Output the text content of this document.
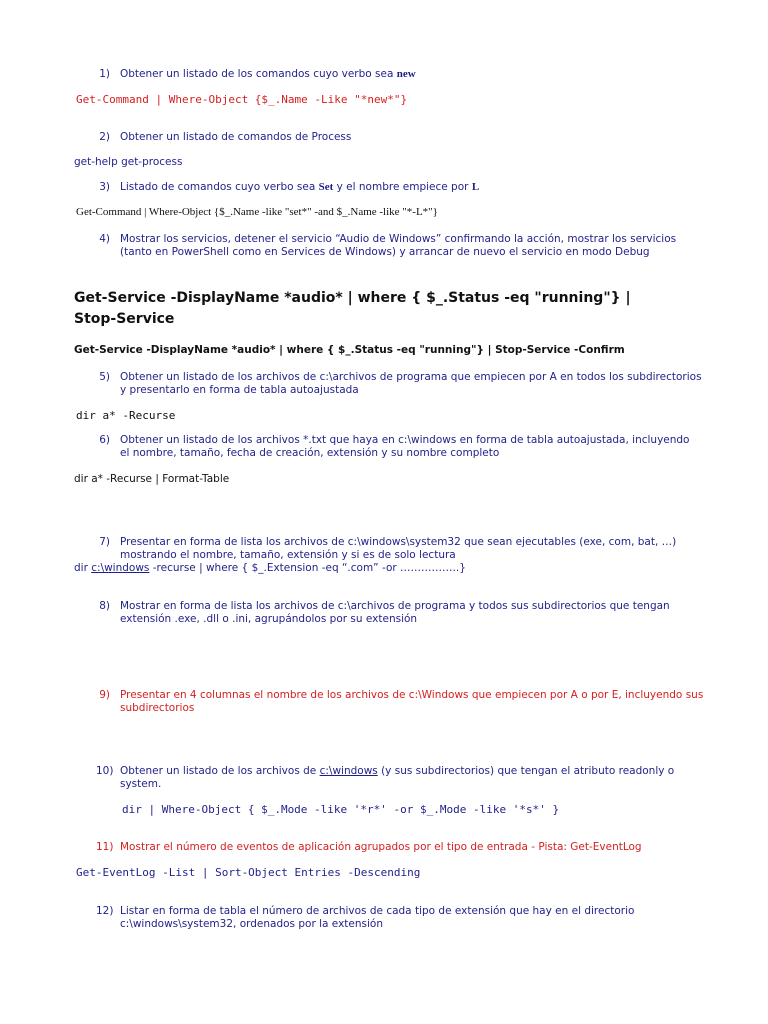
1) Obtener un listado de los comandos cuyo verbo sea new
Get-Command | Where-Object {$_.Name -Like "*new*"}
2) Obtener un listado de comandos de Process
get-help get-process
3) Listado de comandos cuyo verbo sea Set y el nombre empiece por L
Get-Command | Where-Object {$_.Name -like "set*" -and $_.Name -like "*-L*"}
4) Mostrar los servicios, detener el servicio “Audio de Windows” confirmando la acción, mostrar los servicios
(tanto en PowerShell como en Services de Windows) y arrancar de nuevo el servicio en modo Debug
Get-Service -DisplayName *audio* | where { $_.Status -eq "running"} |
Stop-Service
Get-Service -DisplayName *audio* | where { $_.Status -eq "running"} | Stop-Service -Confirm
5) Obtener un listado de los archivos de c:\archivos de programa que empiecen por A en todos los subdirectorios
y presentarlo en forma de tabla autoajustada
dir a* -Recurse
6) Obtener un listado de los archivos *.txt que haya en c:\windows en forma de tabla autoajustada, incluyendo
el nombre, tamaño, fecha de creación, extensión y su nombre completo
dir a* -Recurse | Format-Table
7) Presentar en forma de lista los archivos de c:\windows\system32 que sean ejecutables (exe, com, bat, …)
mostrando el nombre, tamaño, extensión y si es de solo lectura
dir c:\windows -recurse | where { $_.Extension -eq “.com” -or ……………..}
8) Mostrar en forma de lista los archivos de c:\archivos de programa y todos sus subdirectorios que tengan
extensión .exe, .dll o .ini, agrupándolos por su extensión
9) Presentar en 4 columnas el nombre de los archivos de c:\Windows que empiecen por A o por E, incluyendo sus
subdirectorios
10) Obtener un listado de los archivos de c:\windows (y sus subdirectorios) que tengan el atributo readonly o
system.
dir | Where-Object { $_.Mode -like '*r*' -or $_.Mode -like '*s*' }
11) Mostrar el número de eventos de aplicación agrupados por el tipo de entrada - Pista: Get-EventLog
Get-EventLog -List | Sort-Object Entries -Descending
12) Listar en forma de tabla el número de archivos de cada tipo de extensión que hay en el directorio
c:\windows\system32, ordenados por la extensión
